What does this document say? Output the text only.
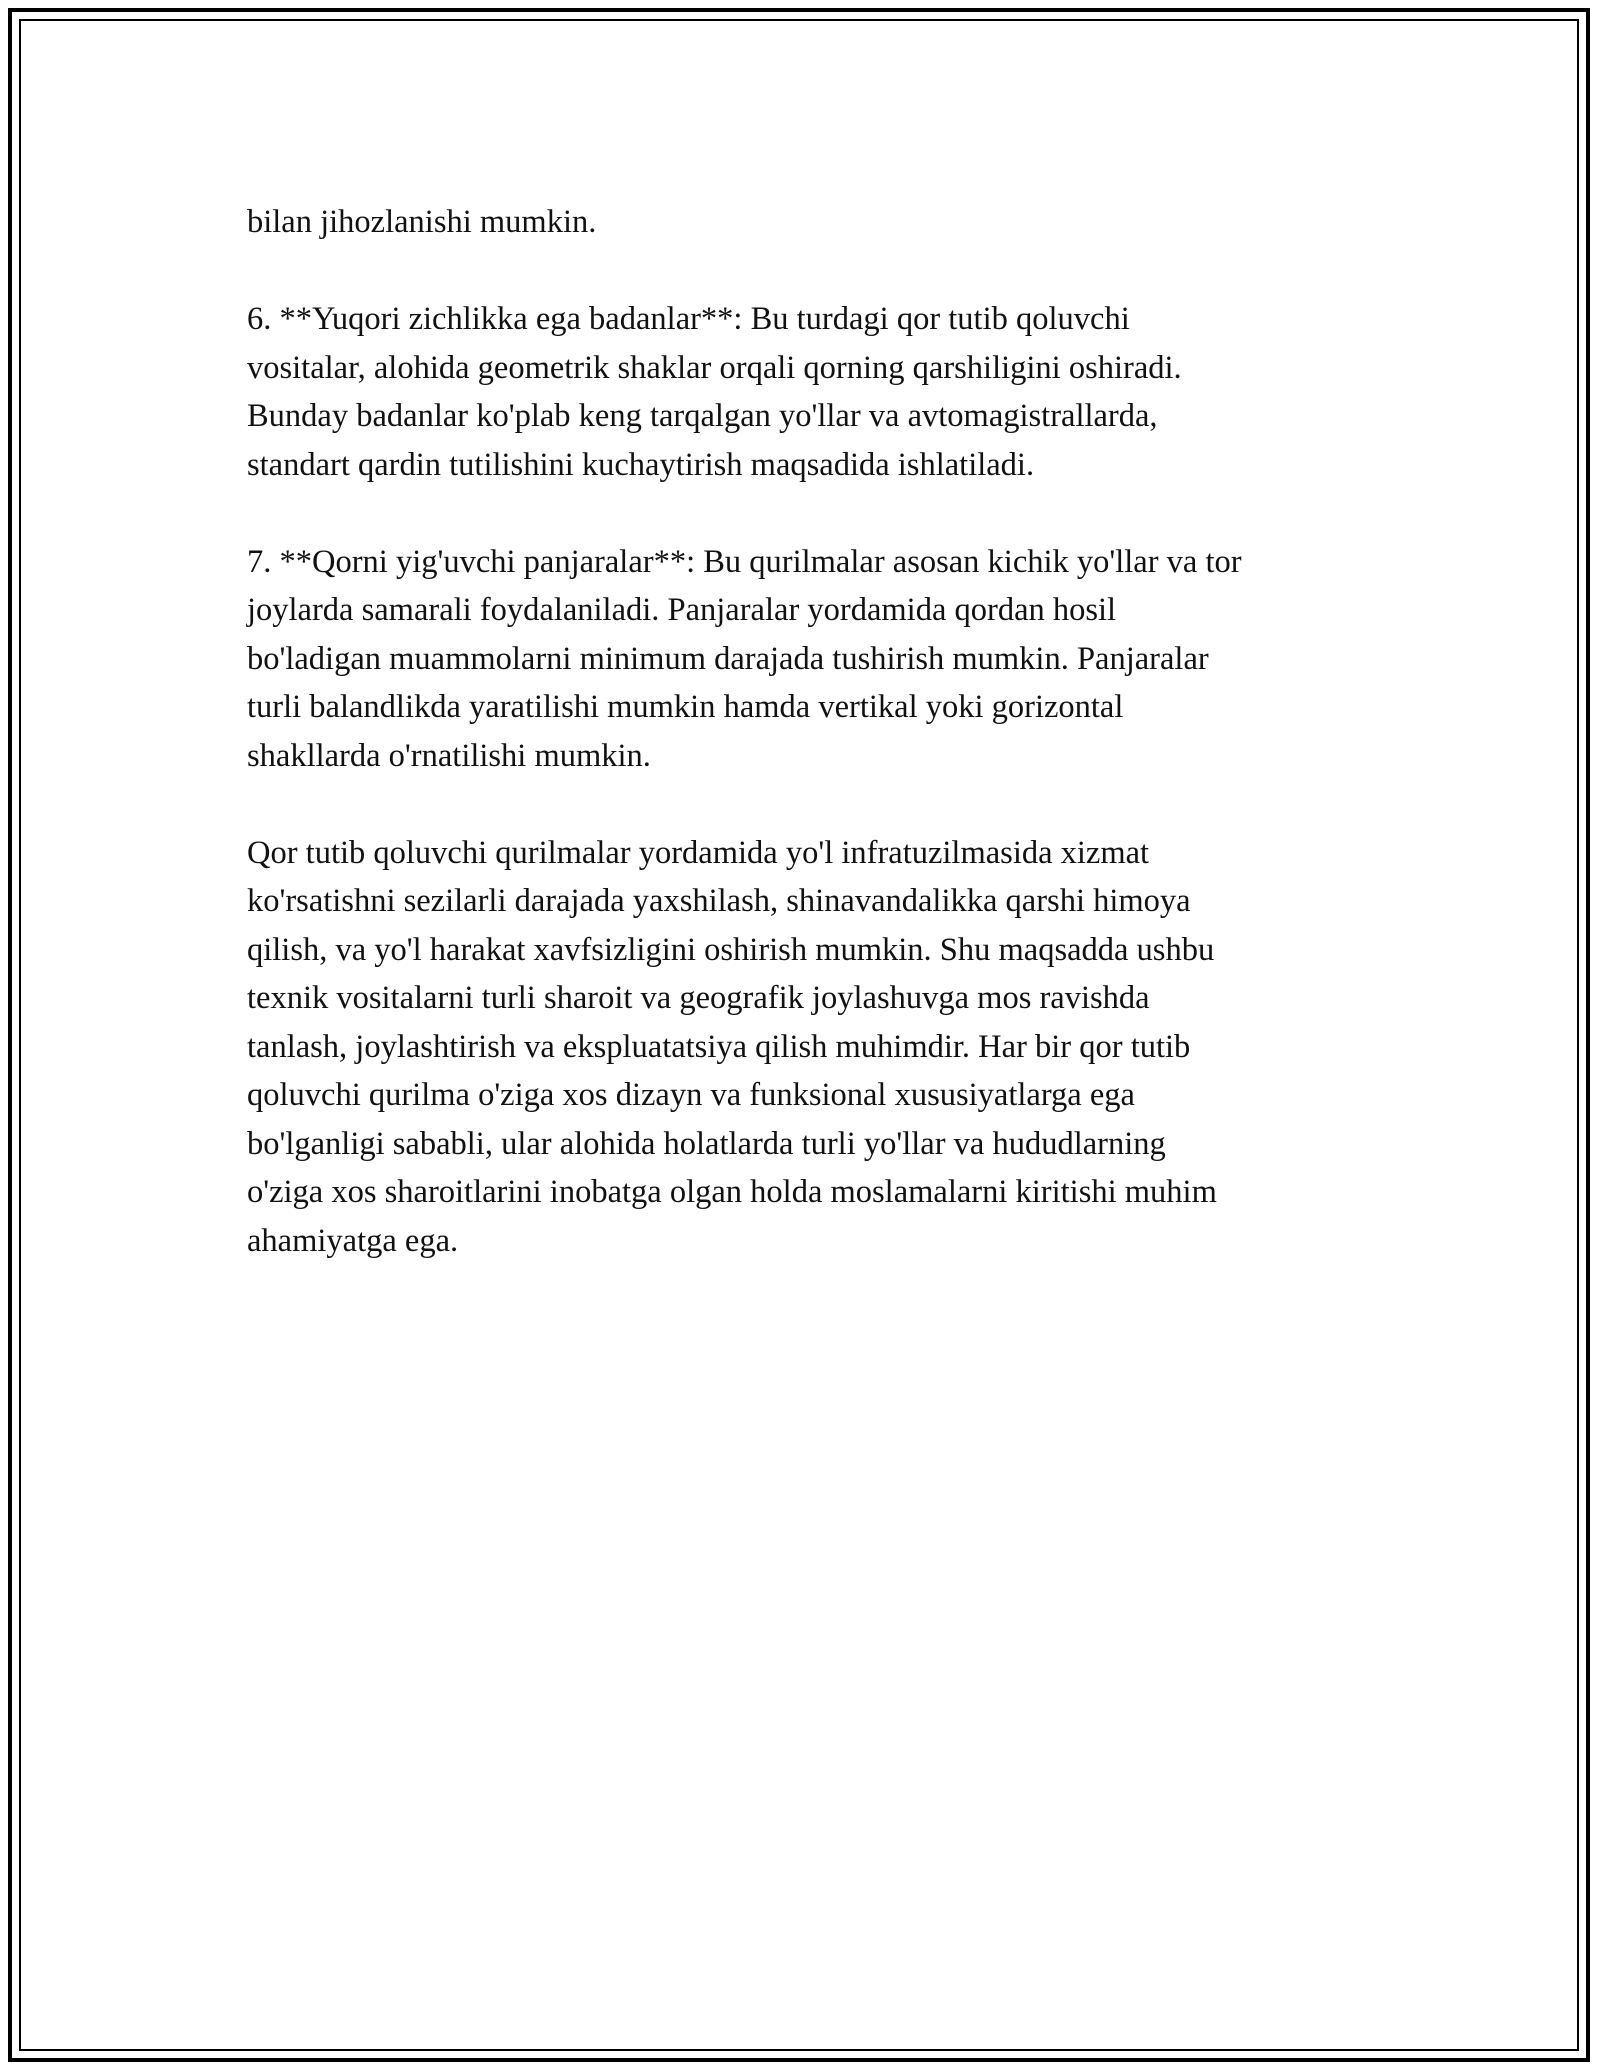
bilan jihozlanishi mumkin.

6. **Yuqori zichlikka ega badanlar**: Bu turdagi qor tutib qoluvchi
vositalar, alohida geometrik shaklar orqali qorning qarshiligini oshiradi.
Bunday badanlar ko'plab keng tarqalgan yo'llar va avtomagistrallarda,
standart qardin tutilishini kuchaytirish maqsadida ishlatiladi.

7. **Qorni yig'uvchi panjaralar**: Bu qurilmalar asosan kichik yo'llar va tor
joylarda samarali foydalaniladi. Panjaralar yordamida qordan hosil
bo'ladigan muammolarni minimum darajada tushirish mumkin. Panjaralar
turli balandlikda yaratilishi mumkin hamda vertikal yoki gorizontal
shakllarda o'rnatilishi mumkin.

Qor tutib qoluvchi qurilmalar yordamida yo'l infratuzilmasida xizmat
ko'rsatishni sezilarli darajada yaxshilash, shinavandalikka qarshi himoya
qilish, va yo'l harakat xavfsizligini oshirish mumkin. Shu maqsadda ushbu
texnik vositalarni turli sharoit va geografik joylashuvga mos ravishda
tanlash, joylashtirish va ekspluatatsiya qilish muhimdir. Har bir qor tutib
qoluvchi qurilma o'ziga xos dizayn va funksional xususiyatlarga ega
bo'lganligi sababli, ular alohida holatlarda turli yo'llar va hududlarning
o'ziga xos sharoitlarini inobatga olgan holda moslamalarni kiritishi muhim
ahamiyatga ega.
